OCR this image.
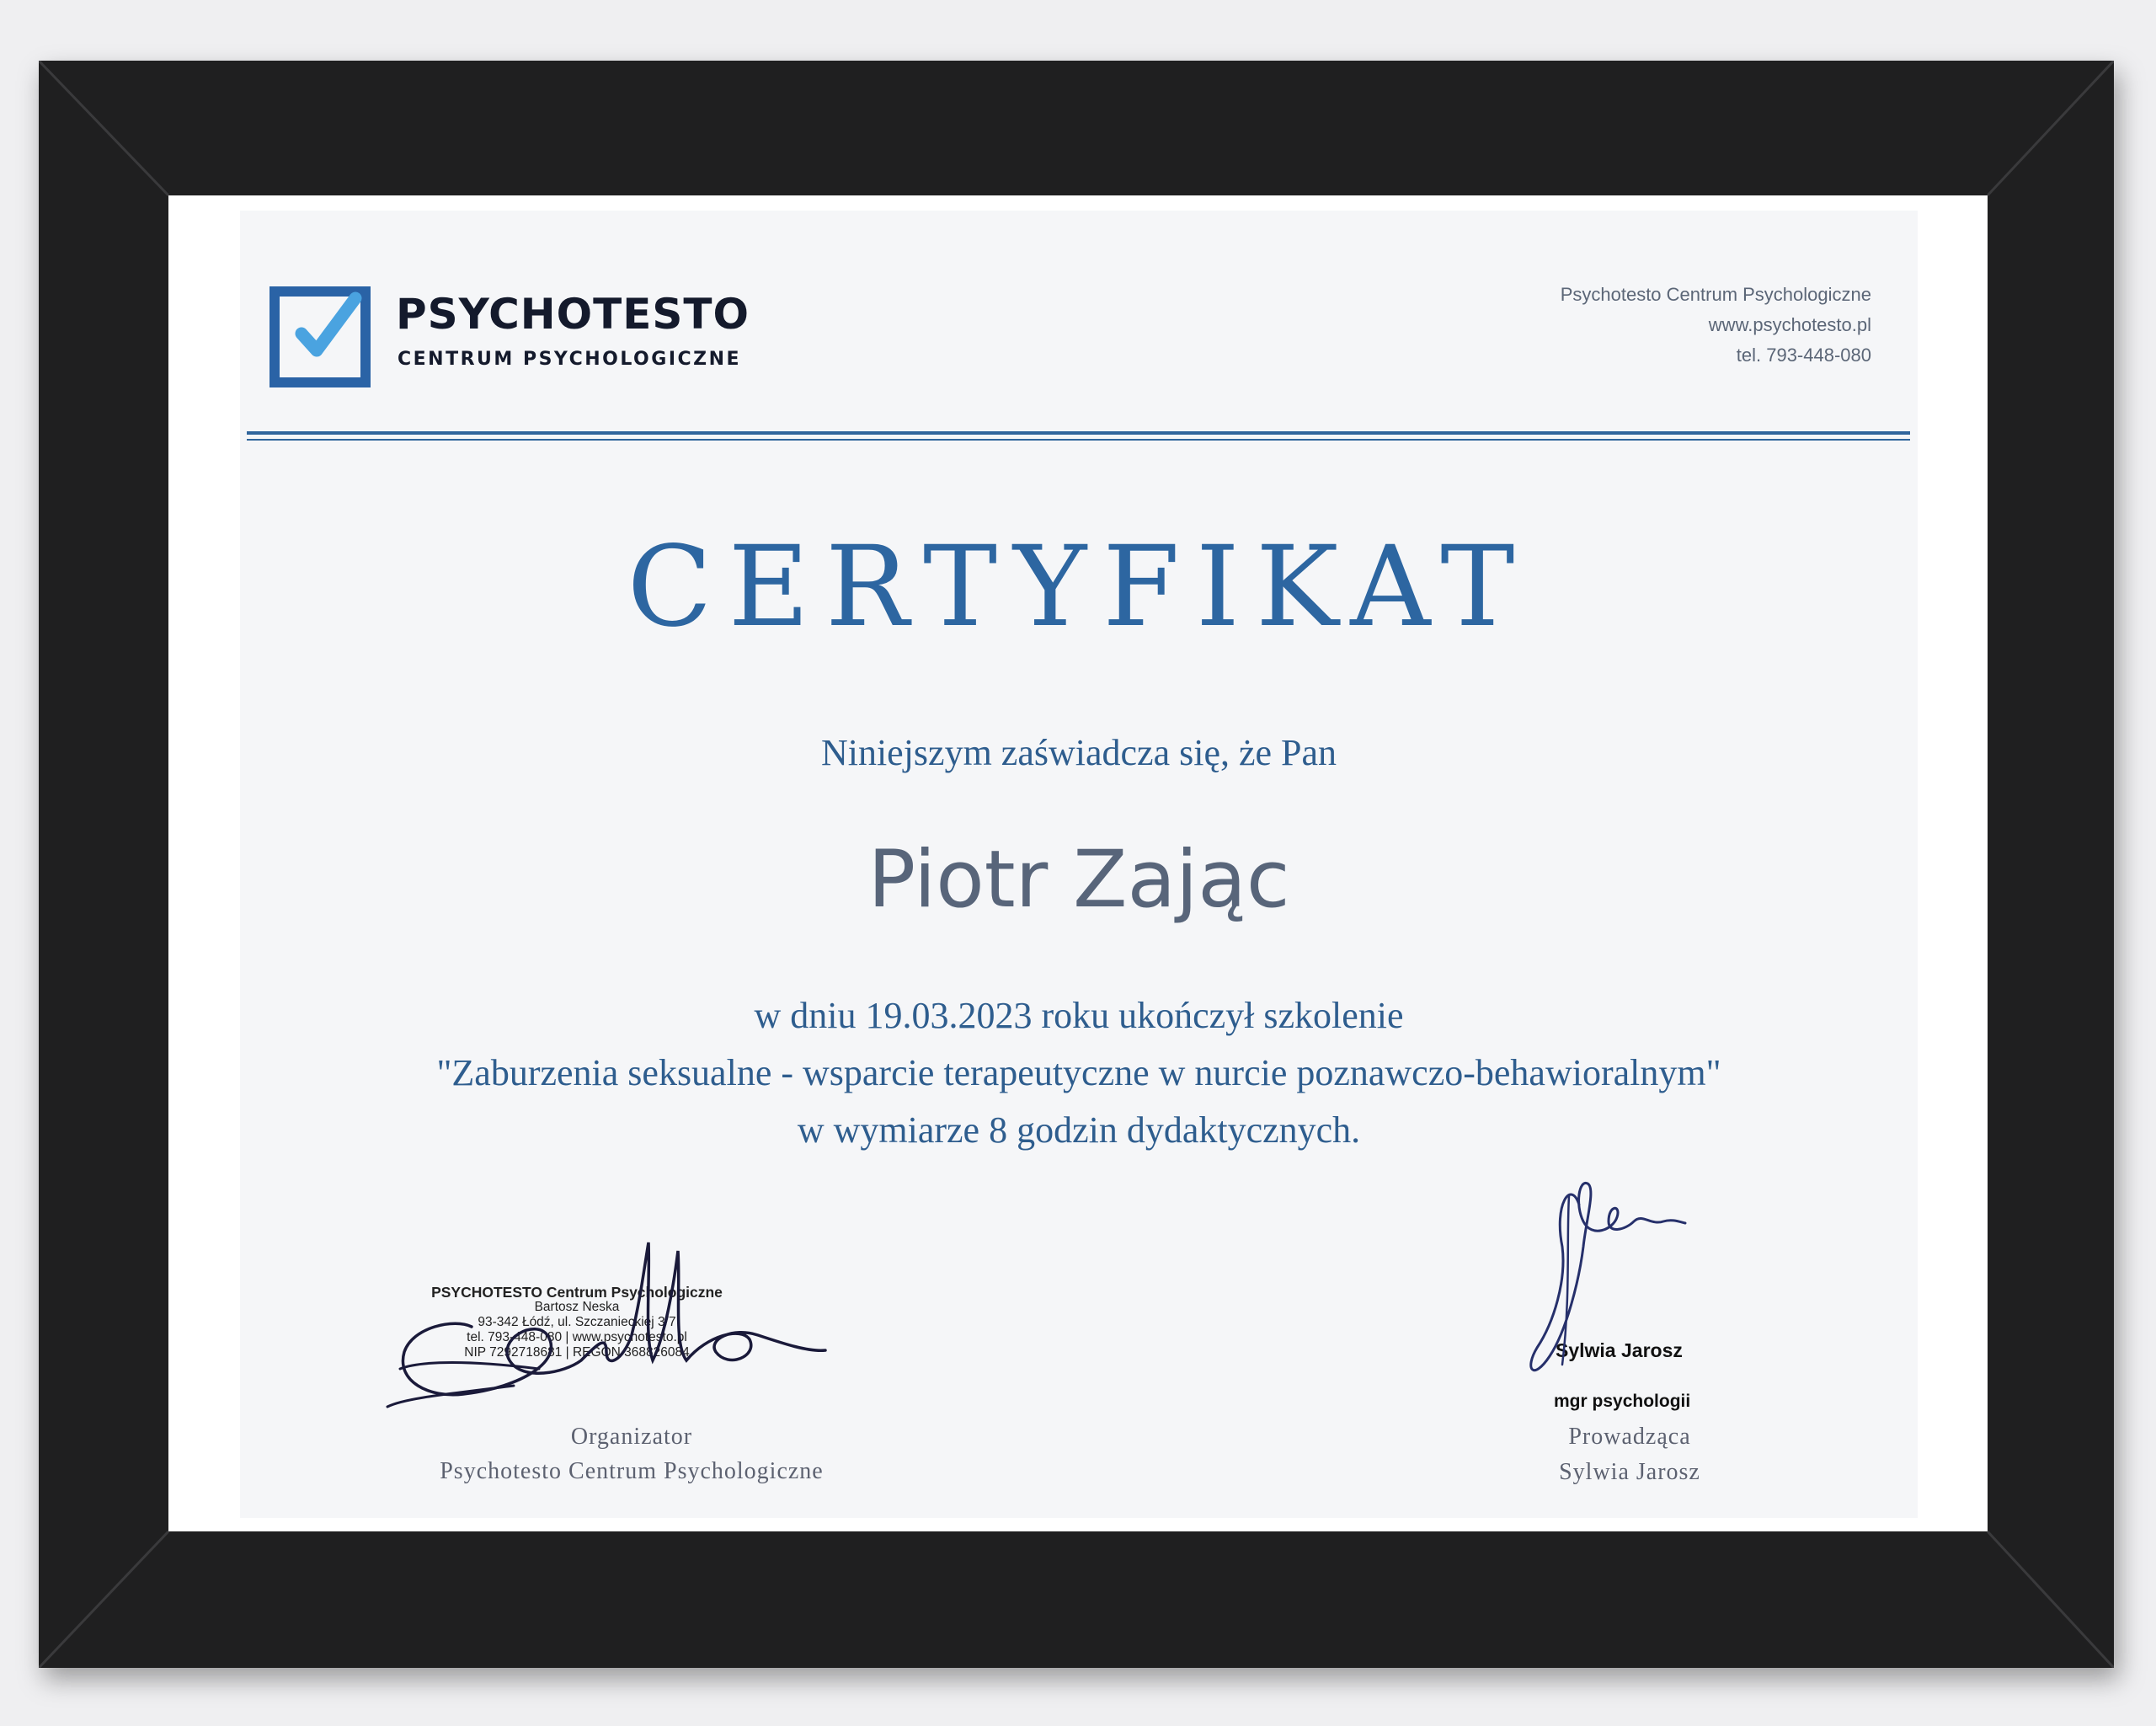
PSYCHOTESTO
CENTRUM PSYCHOLOGICZNE
Psychotesto Centrum Psychologiczne
www.psychotesto.pl
tel. 793-448-080
CERTYFIKAT
Niniejszym zaświadcza się, że Pan
Piotr Zając
w dniu 19.03.2023 roku ukończył szkolenie
"Zaburzenia seksualne - wsparcie terapeutyczne w nurcie poznawczo-behawioralnym"
w wymiarze 8 godzin dydaktycznych.
PSYCHOTESTO Centrum Psychologiczne
Bartosz Neska
93-342 Łódź, ul. Szczanieckiej 3/7
tel. 793-448-080 | www.psychotesto.pl
NIP 7292718681 | REGON 368826084
Organizator
Psychotesto Centrum Psychologiczne
Sylwia Jarosz
mgr psychologii
Prowadząca
Sylwia Jarosz
